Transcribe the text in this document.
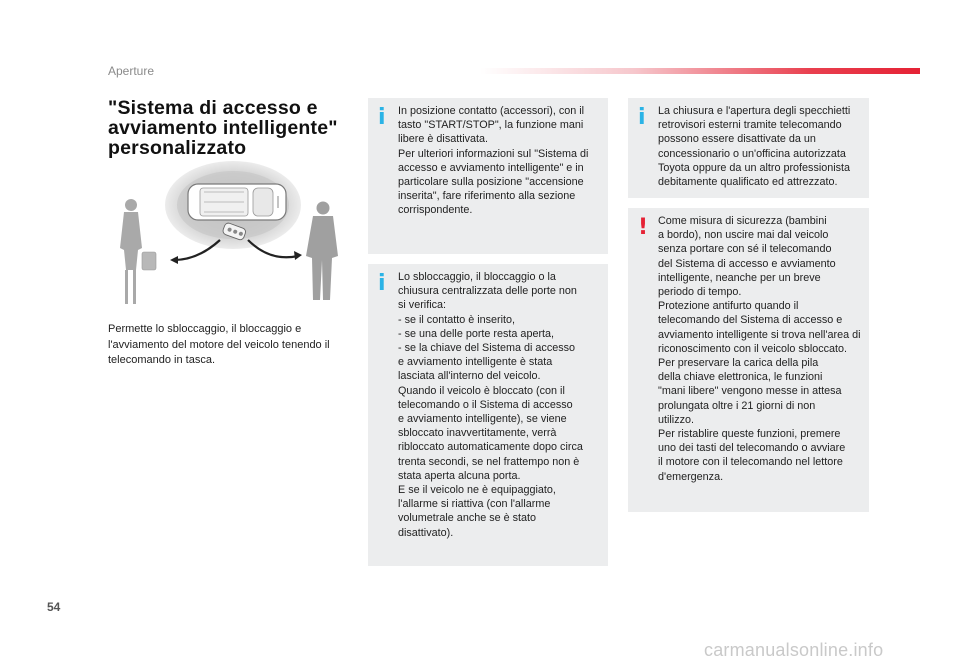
Aperture
"Sistema di accesso e
avviamento intelligente"
personalizzato
Permette lo sbloccaggio, il bloccaggio e
l'avviamento del motore del veicolo tenendo il
telecomando in tasca.
i	In posizione contatto (accessori), con il
tasto "START/STOP", la funzione mani
libere è disattivata.
Per ulteriori informazioni sul "Sistema di
accesso e avviamento intelligente" e in
particolare sulla posizione "accensione
inserita", fare riferimento alla sezione
corrispondente.
i	Lo sbloccaggio, il bloccaggio o la
chiusura centralizzata delle porte non
si verifica:
- se il contatto è inserito,
- se una delle porte resta aperta,
- se la chiave del Sistema di accesso
e avviamento intelligente è stata
lasciata all'interno del veicolo.
Quando il veicolo è bloccato (con il
telecomando o il Sistema di accesso
e avviamento intelligente), se viene
sbloccato inavvertitamente, verrà
ribloccato automaticamente dopo circa
trenta secondi, se nel frattempo non è
stata aperta alcuna porta.
E se il veicolo ne è equipaggiato,
l'allarme si riattiva (con l'allarme
volumetrale anche se è stato
disattivato).
i	La chiusura e l'apertura degli specchietti
retrovisori esterni tramite telecomando
possono essere disattivate da un
concessionario o un'officina autorizzata
Toyota oppure da un altro professionista
debitamente qualificato ed attrezzato.
! Come misura di sicurezza (bambini
a bordo), non uscire mai dal veicolo
senza portare con sé il telecomando
del Sistema di accesso e avviamento
intelligente, neanche per un breve
periodo di tempo.
Protezione antifurto quando il
telecomando del Sistema di accesso e
avviamento intelligente si trova nell'area di
riconoscimento con il veicolo sbloccato.
Per preservare la carica della pila
della chiave elettronica, le funzioni
"mani libere" vengono messe in attesa
prolungata oltre i 21 giorni di non
utilizzo.
Per ristablire queste funzioni, premere
uno dei tasti del telecomando o avviare
il motore con il telecomando nel lettore
d'emergenza.
54
carmanualsonline.info
